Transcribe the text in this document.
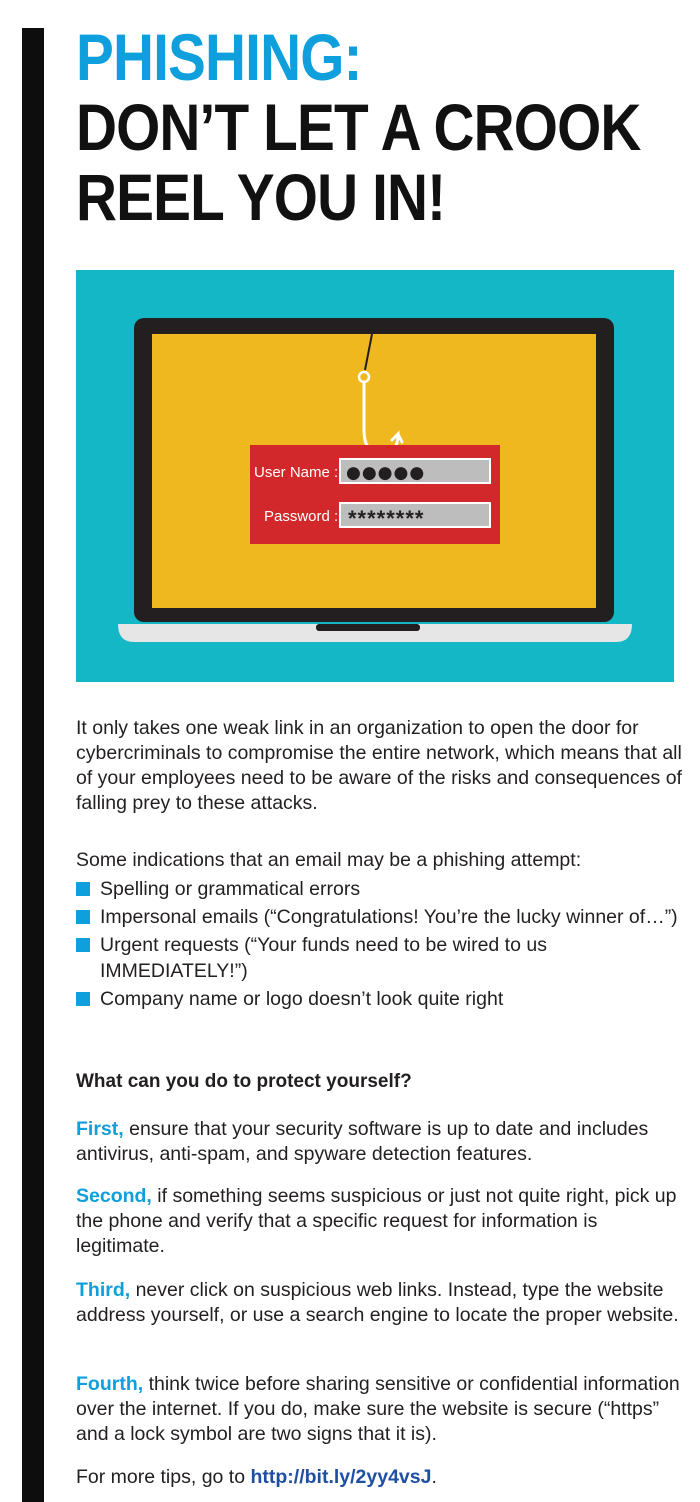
PHISHING:
DON’T LET A CROOK
REEL YOU IN!
User Name : ●●●●●
Password : ********
It only takes one weak link in an organization to open the door for cybercriminals to compromise the entire network, which means that all of your employees need to be aware of the risks and consequences of falling prey to these attacks.
Some indications that an email may be a phishing attempt:
Spelling or grammatical errors
Impersonal emails (“Congratulations! You’re the lucky winner of…”)
Urgent requests (“Your funds need to be wired to us IMMEDIATELY!”)
Company name or logo doesn’t look quite right
What can you do to protect yourself?
First, ensure that your security software is up to date and includes antivirus, anti-spam, and spyware detection features.
Second, if something seems suspicious or just not quite right, pick up the phone and verify that a specific request for information is legitimate.
Third, never click on suspicious web links. Instead, type the website address yourself, or use a search engine to locate the proper website.
Fourth, think twice before sharing sensitive or confidential information over the internet. If you do, make sure the website is secure (“https” and a lock symbol are two signs that it is).
For more tips, go to http://bit.ly/2yy4vsJ.
